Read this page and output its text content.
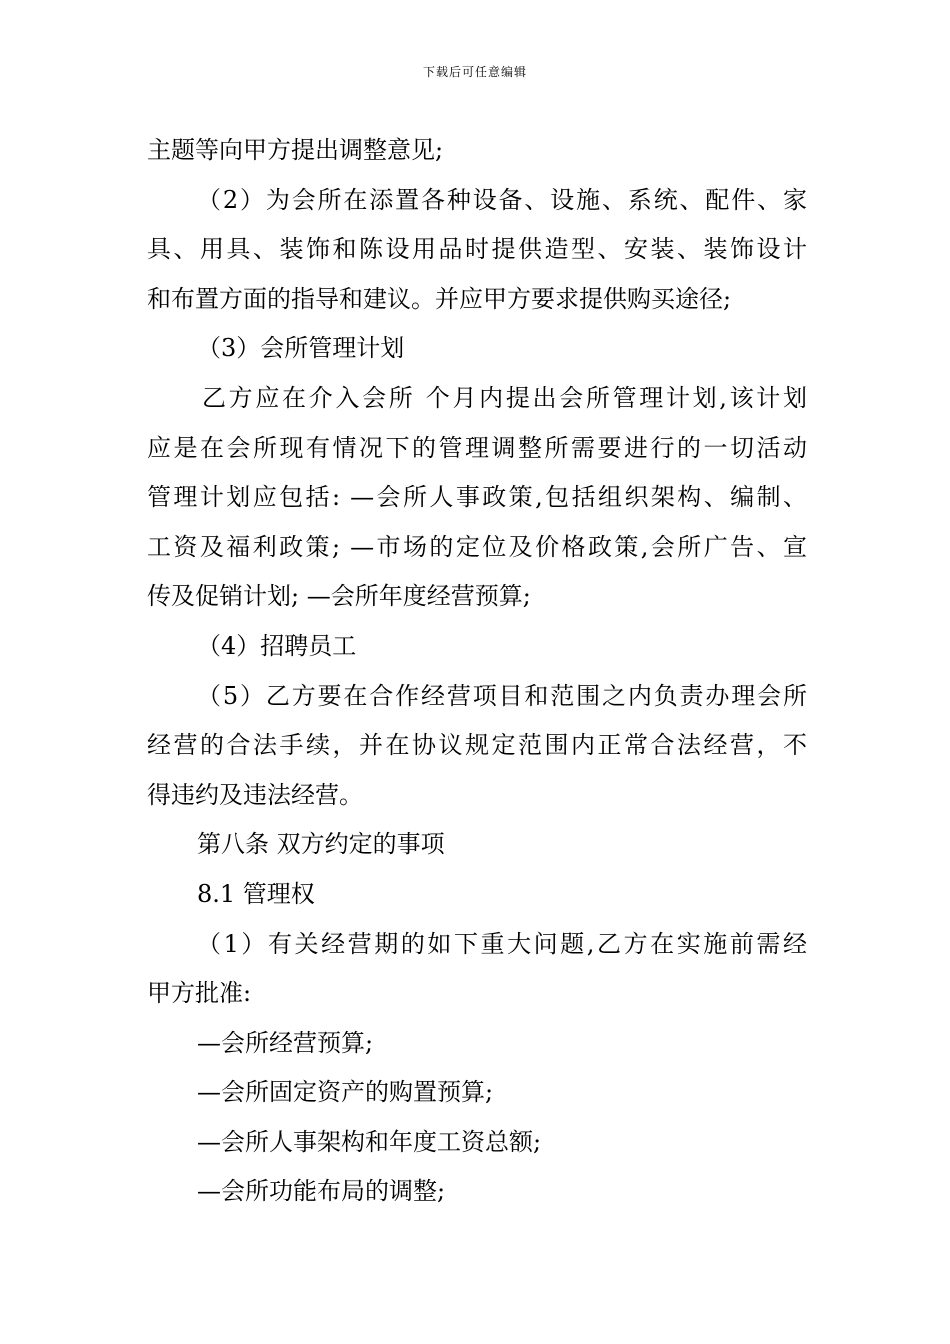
下载后可任意编辑
主题等向甲方提出调整意见;
（2）为会所在添置各种设备、设施、系统、配件、家
具、用具、装饰和陈设用品时提供造型、安装、装饰设计
和布置方面的指导和建议。并应甲方要求提供购买途径;
（3）会所管理计划
乙方应在介入会所 个月内提出会所管理计划,该计划
应是在会所现有情况下的管理调整所需要进行的一切活动
管理计划应包括: —会所人事政策,包括组织架构、编制、
工资及福利政策; —市场的定位及价格政策,会所广告、宣
传及促销计划; —会所年度经营预算;
（4）招聘员工
（5）乙方要在合作经营项目和范围之内负责办理会所
经营的合法手续，并在协议规定范围内正常合法经营，不
得违约及违法经营。
第八条 双方约定的事项
8.1 管理权
（1）有关经营期的如下重大问题,乙方在实施前需经
甲方批准:
—会所经营预算;
—会所固定资产的购置预算;
—会所人事架构和年度工资总额;
—会所功能布局的调整;
